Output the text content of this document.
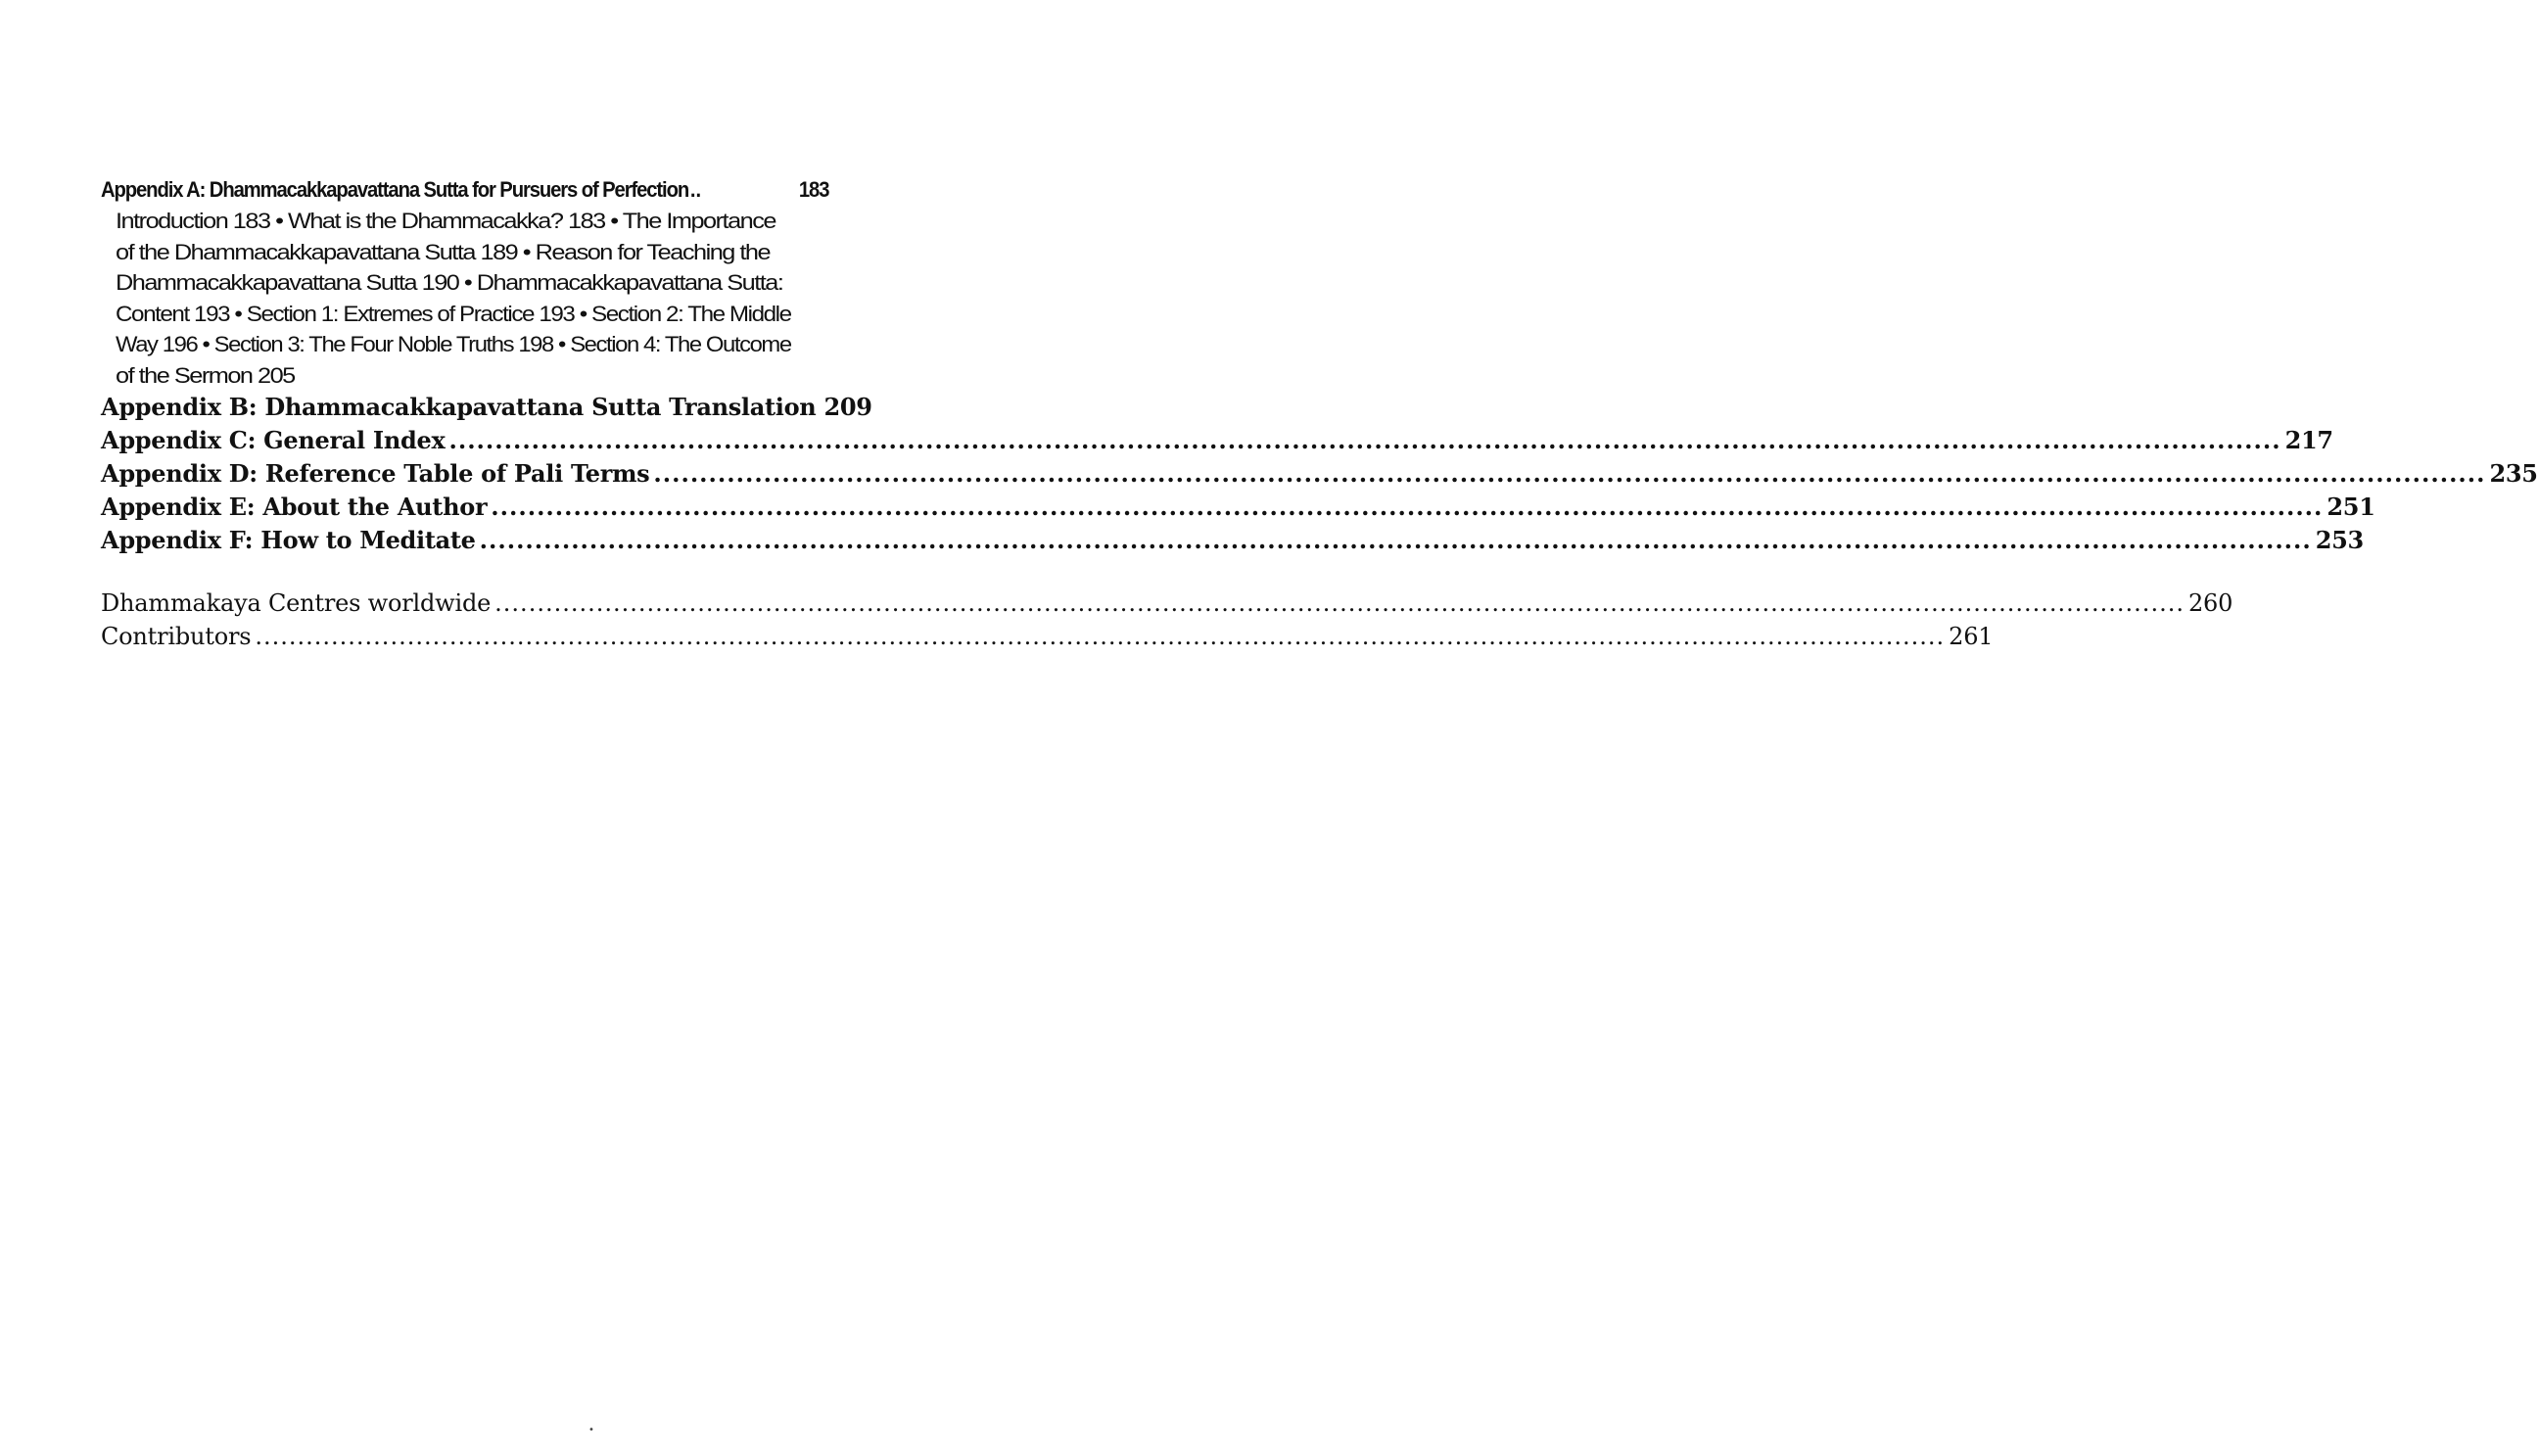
Appendix A: Dhammacakkapavattana Sutta for Pursuers of Perfection ..	183
Introduction 183 • What is the Dhammacakka? 183 • The Importance
of the Dhammacakkapavattana Sutta 189 • Reason for Teaching the
Dhammacakkapavattana Sutta 190 • Dhammacakkapavattana Sutta:
Content 193 • Section 1: Extremes of Practice 193 • Section 2: The Middle
Way 196 • Section 3: The Four Noble Truths 198 • Section 4: The Outcome
of the Sermon 205
Appendix B: Dhammacakkapavattana Sutta Translation 209
Appendix C: General Index ........................................................................................................................................................................................................ 217
Appendix D: Reference Table of Pali Terms ........................................................................................................................................................................................................ 235
Appendix E: About the Author ........................................................................................................................................................................................................ 251
Appendix F: How to Meditate ........................................................................................................................................................................................................ 253
Dhammakaya Centres worldwide ........................................................................................................................................................................................................ 260
Contributors ........................................................................................................................................................................................................ 261
•
